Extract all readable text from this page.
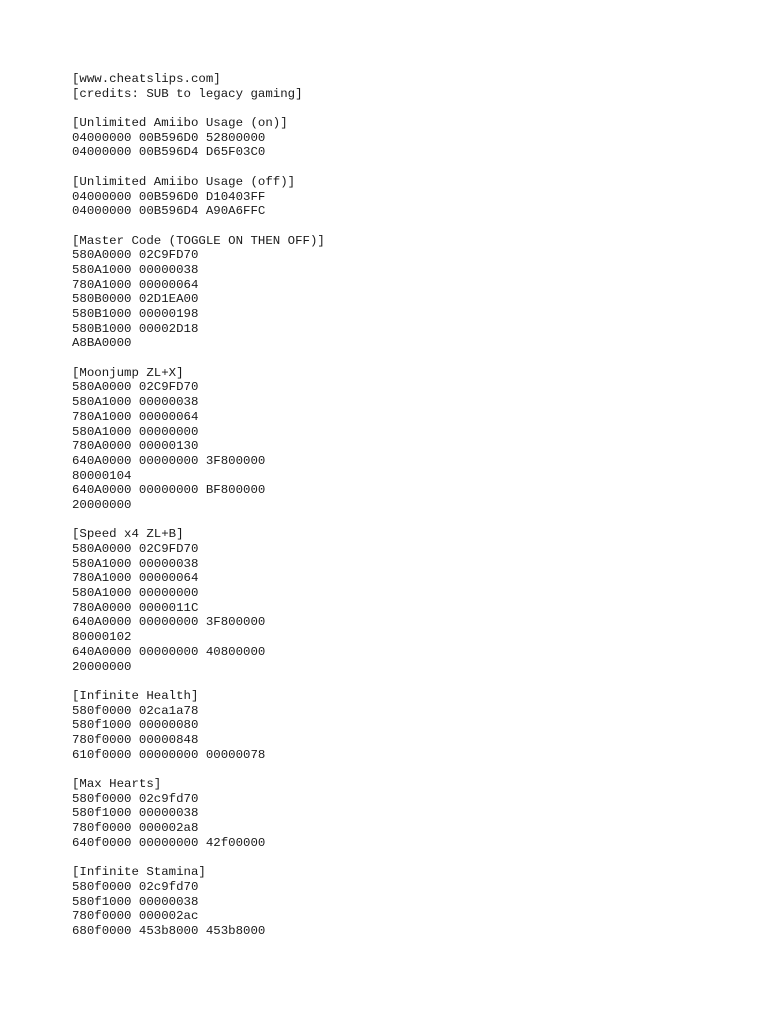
[www.cheatslips.com]
[credits: SUB to legacy gaming]
[Unlimited Amiibo Usage (on)]
04000000 00B596D0 52800000
04000000 00B596D4 D65F03C0
[Unlimited Amiibo Usage (off)]
04000000 00B596D0 D10403FF
04000000 00B596D4 A90A6FFC
[Master Code (TOGGLE ON THEN OFF)]
580A0000 02C9FD70
580A1000 00000038
780A1000 00000064
580B0000 02D1EA00
580B1000 00000198
580B1000 00002D18
A8BA0000
[Moonjump ZL+X]
580A0000 02C9FD70
580A1000 00000038
780A1000 00000064
580A1000 00000000
780A0000 00000130
640A0000 00000000 3F800000
80000104
640A0000 00000000 BF800000
20000000
[Speed x4 ZL+B]
580A0000 02C9FD70
580A1000 00000038
780A1000 00000064
580A1000 00000000
780A0000 0000011C
640A0000 00000000 3F800000
80000102
640A0000 00000000 40800000
20000000
[Infinite Health]
580f0000 02ca1a78
580f1000 00000080
780f0000 00000848
610f0000 00000000 00000078
[Max Hearts]
580f0000 02c9fd70
580f1000 00000038
780f0000 000002a8
640f0000 00000000 42f00000
[Infinite Stamina]
580f0000 02c9fd70
580f1000 00000038
780f0000 000002ac
680f0000 453b8000 453b8000
